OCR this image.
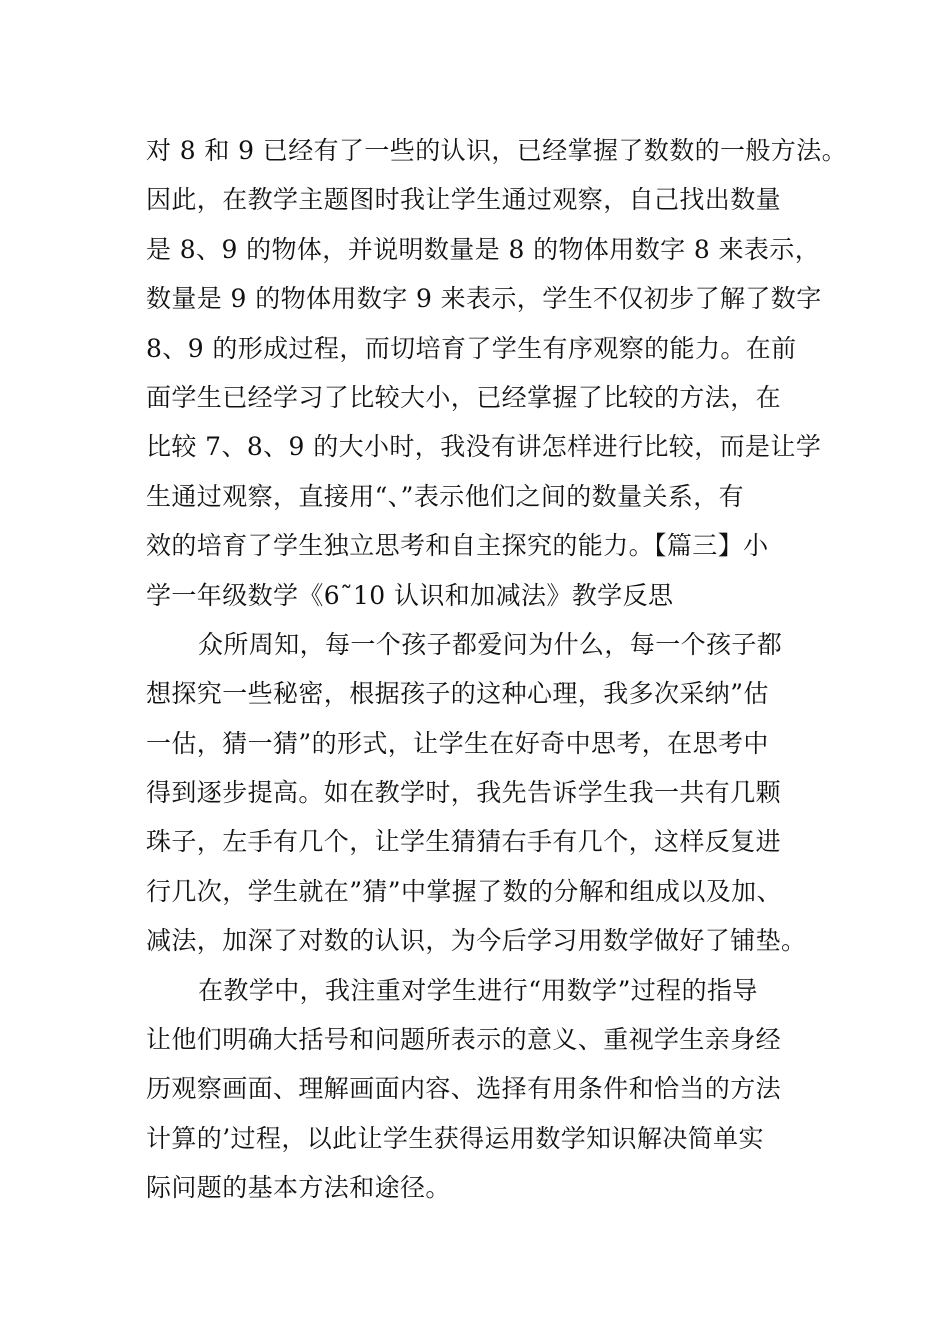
对 8 和 9 已经有了一些的认识，已经掌握了数数的一般方法。
因此，在教学主题图时我让学生通过观察，自己找出数量
是 8、9 的物体，并说明数量是 8 的物体用数字 8 来表示，
数量是 9 的物体用数字 9 来表示，学生不仅初步了解了数字
8、9 的形成过程，而切培育了学生有序观察的能力。在前
面学生已经学习了比较大小，已经掌握了比较的方法，在
比较 7、8、9 的大小时，我没有讲怎样进行比较，而是让学
生通过观察，直接用“、”表示他们之间的数量关系，有
效的培育了学生独立思考和自主探究的能力。【篇三】小
学一年级数学《6˜10 认识和加减法》教学反思
众所周知，每一个孩子都爱问为什么，每一个孩子都
想探究一些秘密，根据孩子的这种心理，我多次采纳”估
一估，猜一猜”的形式，让学生在好奇中思考，在思考中
得到逐步提高。如在教学时，我先告诉学生我一共有几颗
珠子，左手有几个，让学生猜猜右手有几个，这样反复进
行几次，学生就在”猜”中掌握了数的分解和组成以及加、
减法，加深了对数的认识，为今后学习用数学做好了铺垫。
在教学中，我注重对学生进行“用数学”过程的指导
让他们明确大括号和问题所表示的意义、重视学生亲身经
历观察画面、理解画面内容、选择有用条件和恰当的方法
计算的’过程，以此让学生获得运用数学知识解决简单实
际问题的基本方法和途径。
